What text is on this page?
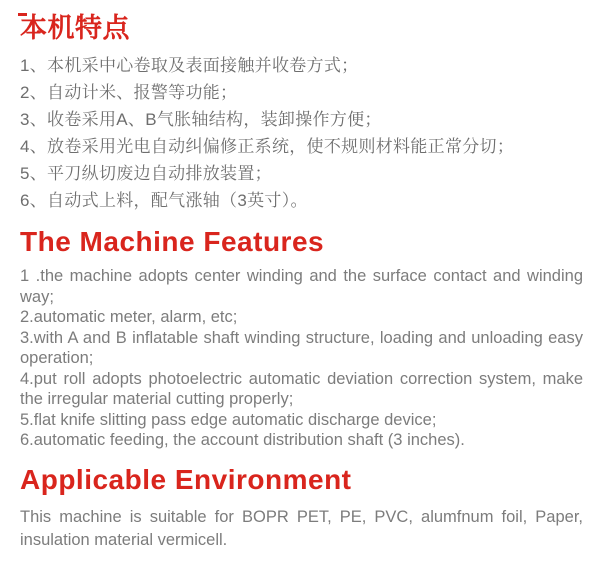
本机特点
1、本机采中心卷取及表面接触并收卷方式；
2、自动计米、报警等功能；
3、收卷采用A、B气胀轴结构，装卸操作方便；
4、放卷采用光电自动纠偏修正系统，使不规则材料能正常分切；
5、平刀纵切废边自动排放装置；
6、自动式上料，配气涨轴（3英寸）。
The Machine Features
1 .the machine adopts center winding and the surface contact and winding way;
2.automatic meter, alarm, etc;
3.with A and B inflatable shaft winding structure, loading and unloading easy operation;
4.put roll adopts photoelectric automatic deviation correction system, make the irregular material cutting properly;
5.flat knife slitting pass edge automatic discharge device;
6.automatic feeding, the account distribution shaft (3 inches).
Applicable Environment

This machine is suitable for BOPR PET, PE, PVC, alumfnum foil, Paper, insulation material vermicell.
